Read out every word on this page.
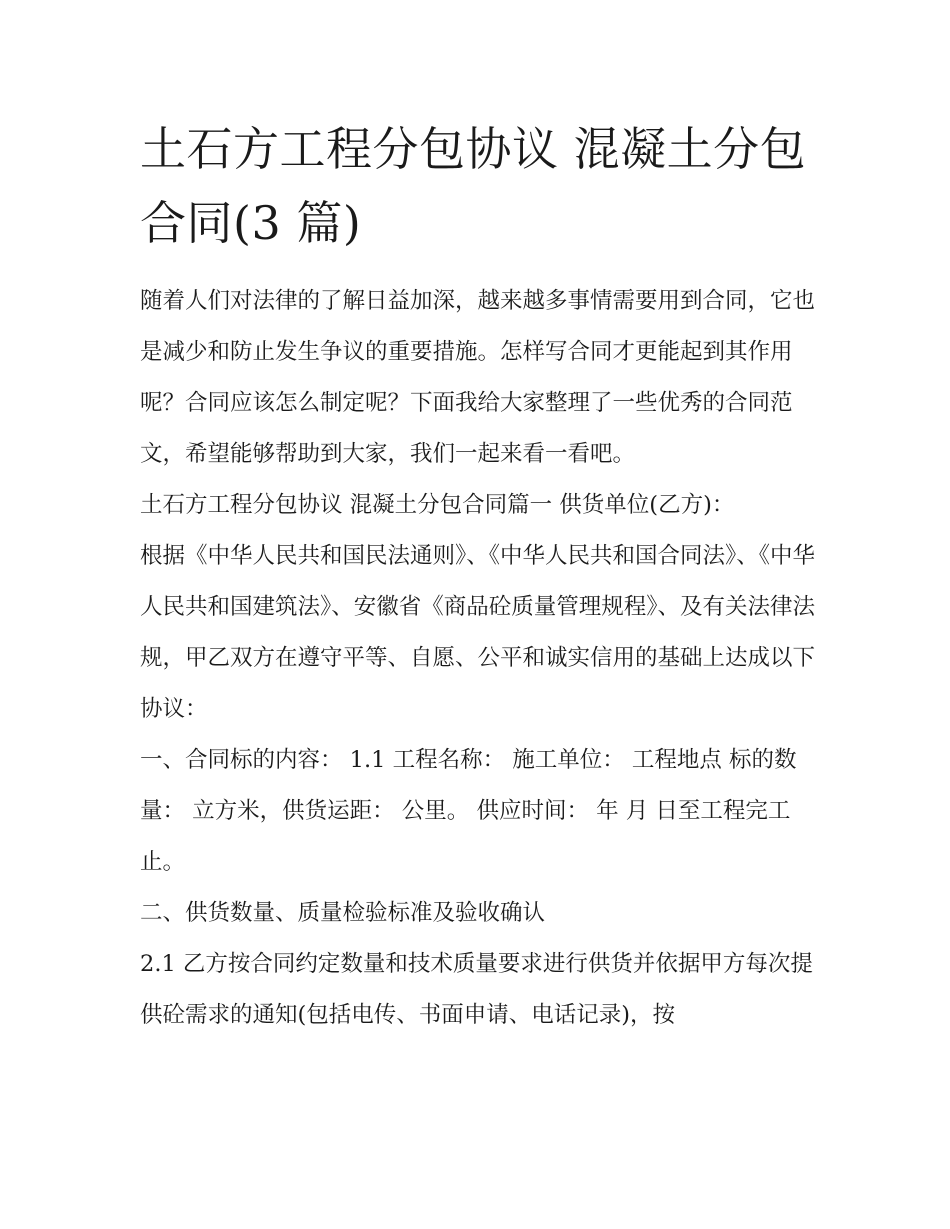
土石方工程分包协议 混凝土分包合同(3 篇)

随着人们对法律的了解日益加深，越来越多事情需要用到合同，它也是减少和防止发生争议的重要措施。怎样写合同才更能起到其作用呢？合同应该怎么制定呢？下面我给大家整理了一些优秀的合同范文，希望能够帮助到大家，我们一起来看一看吧。

土石方工程分包协议 混凝土分包合同篇一 供货单位(乙方)：

根据《中华人民共和国民法通则》、《中华人民共和国合同法》、《中华人民共和国建筑法》、安徽省《商品砼质量管理规程》、及有关法律法规，甲乙双方在遵守平等、自愿、公平和诚实信用的基础上达成以下协议：

一、合同标的内容： 1.1 工程名称： 施工单位： 工程地点 标的数量： 立方米，供货运距： 公里。 供应时间： 年 月 日至工程完工止。

二、供货数量、质量检验标准及验收确认

2.1 乙方按合同约定数量和技术质量要求进行供货并依据甲方每次提供砼需求的通知(包括电传、书面申请、电话记录)，按
